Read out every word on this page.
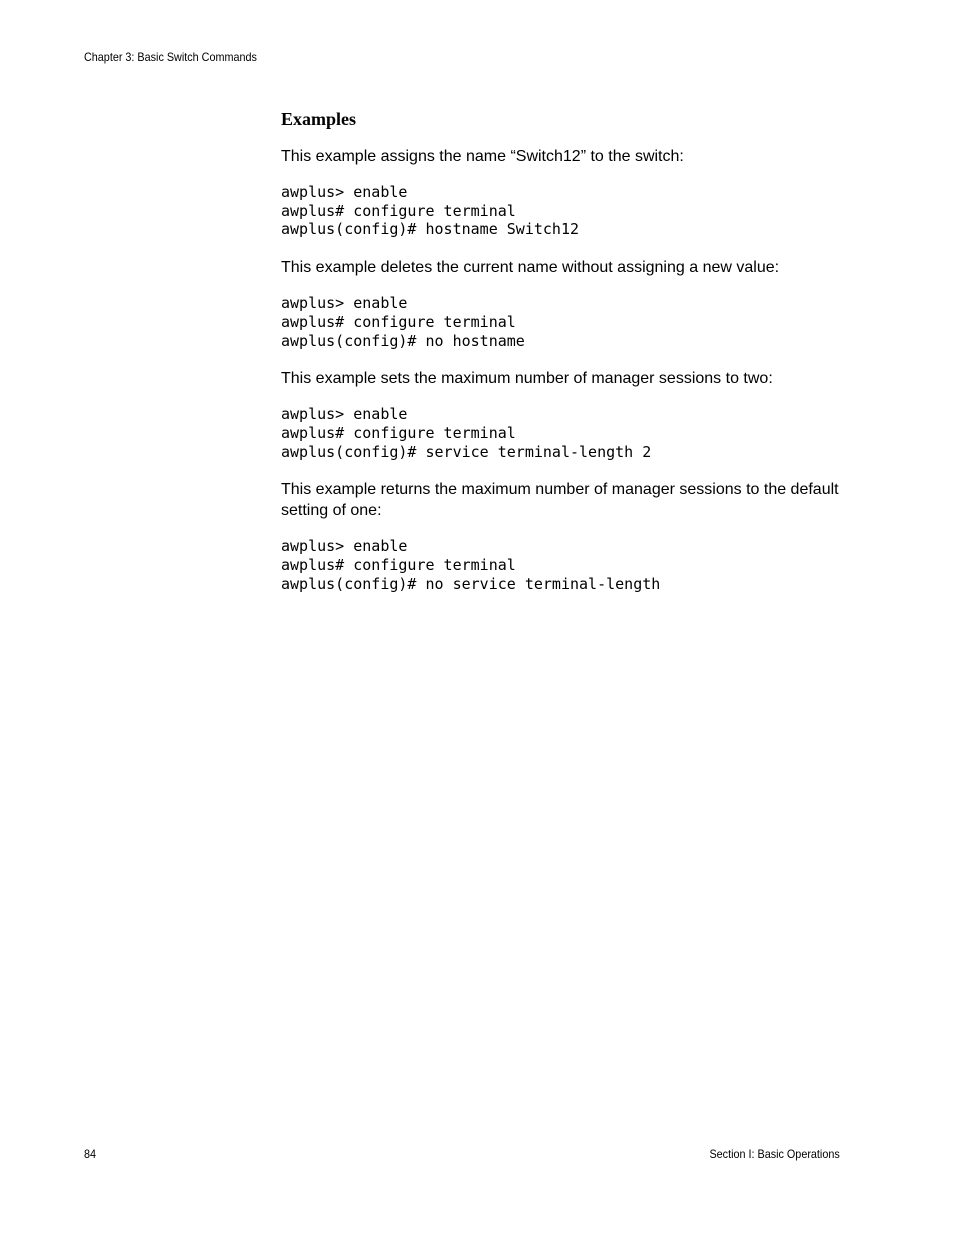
Chapter 3: Basic Switch Commands
Examples
This example assigns the name “Switch12” to the switch:
awplus> enable
awplus# configure terminal
awplus(config)# hostname Switch12
This example deletes the current name without assigning a new value:
awplus> enable
awplus# configure terminal
awplus(config)# no hostname
This example sets the maximum number of manager sessions to two:
awplus> enable
awplus# configure terminal
awplus(config)# service terminal-length 2
This example returns the maximum number of manager sessions to the default setting of one:
awplus> enable
awplus# configure terminal
awplus(config)# no service terminal-length
84	Section I: Basic Operations
